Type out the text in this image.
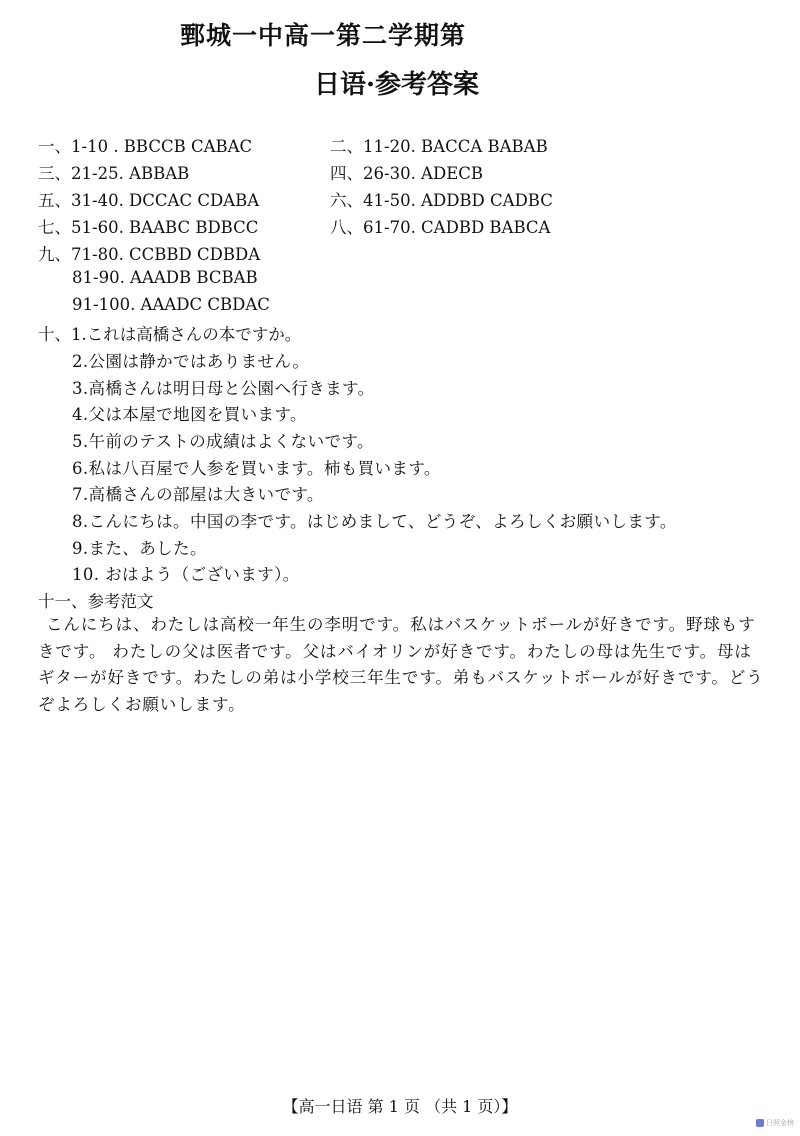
鄄城一中高一第二学期第
日语·参考答案
一、1-10 . BBCCB CABAC	二、11-20. BACCA BABAB
三、21-25. ABBAB	四、26-30. ADECB
五、31-40. DCCAC CDABA	六、41-50. ADDBD CADBC
七、51-60. BAABC BDBCC	八、61-70. CADBD BABCA
九、71-80. CCBBD CDBDA
81-90. AAADB BCBAB
91-100. AAADC CBDAC
十、1.これは高橋さんの本ですか。
2.公園は静かではありません。
3.高橋さんは明日母と公園へ行きます。
4.父は本屋で地図を買います。
5.午前のテストの成績はよくないです。
6.私は八百屋で人参を買います。柿も買います。
7.高橋さんの部屋は大きいです。
8.こんにちは。中国の李です。はじめまして、どうぞ、よろしくお願いします。
9.また、あした。
10. おはよう（ございます）。
十一、参考范文
こんにちは、わたしは高校一年生の李明です。私はバスケットボールが好きです。野球もすきです。 わたしの父は医者です。父はバイオリンが好きです。わたしの母は先生です。母はギターが好きです。わたしの弟は小学校三年生です。弟もバスケットボールが好きです。どうぞよろしくお願いします。
【高一日语 第 1 页 （共 1 页）】
日照金榜
